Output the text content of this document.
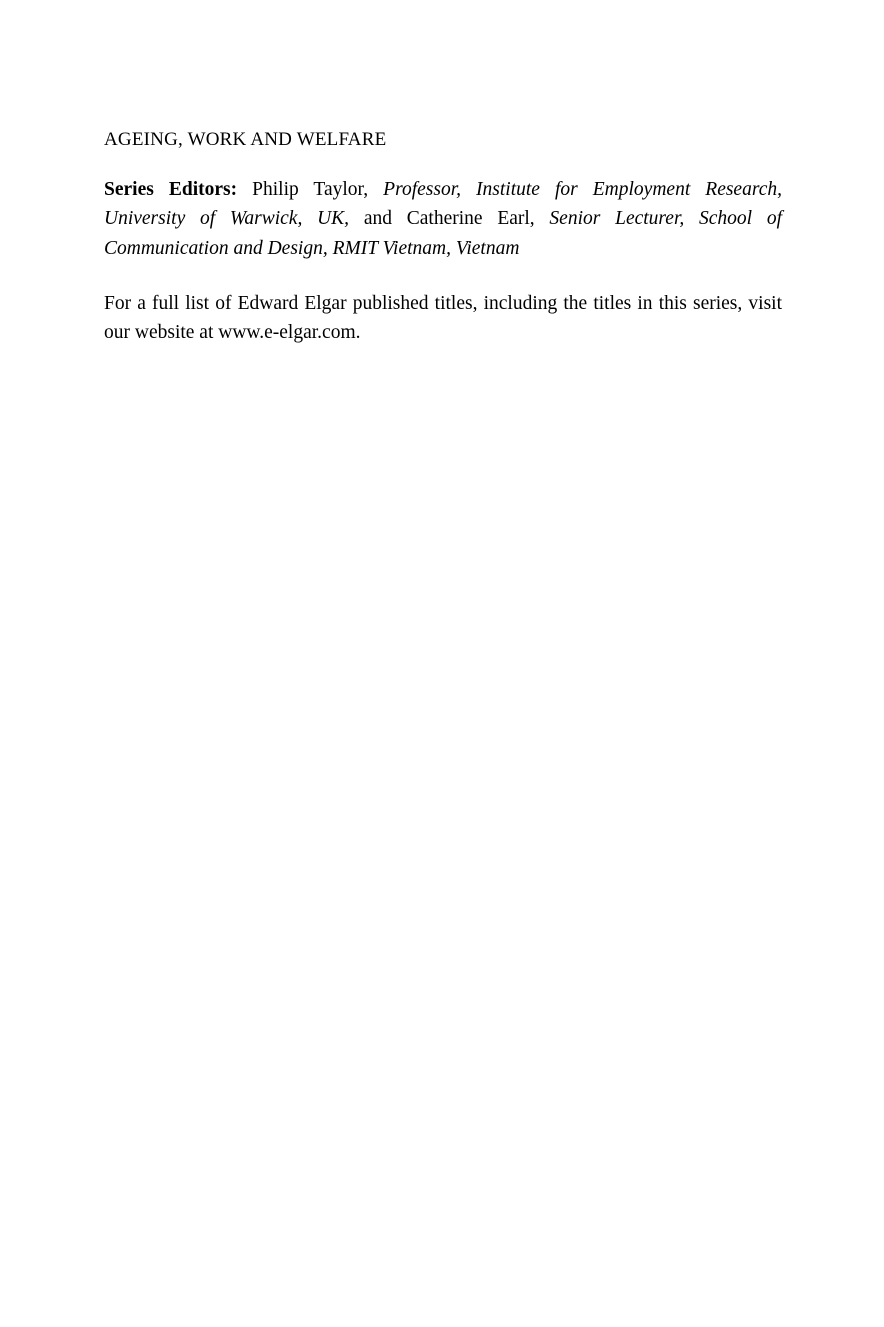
AGEING, WORK AND WELFARE

Series Editors: Philip Taylor, Professor, Institute for Employment Research, University of Warwick, UK, and Catherine Earl, Senior Lecturer, School of Communication and Design, RMIT Vietnam, Vietnam

For a full list of Edward Elgar published titles, including the titles in this series, visit our website at www.e-elgar.com.
